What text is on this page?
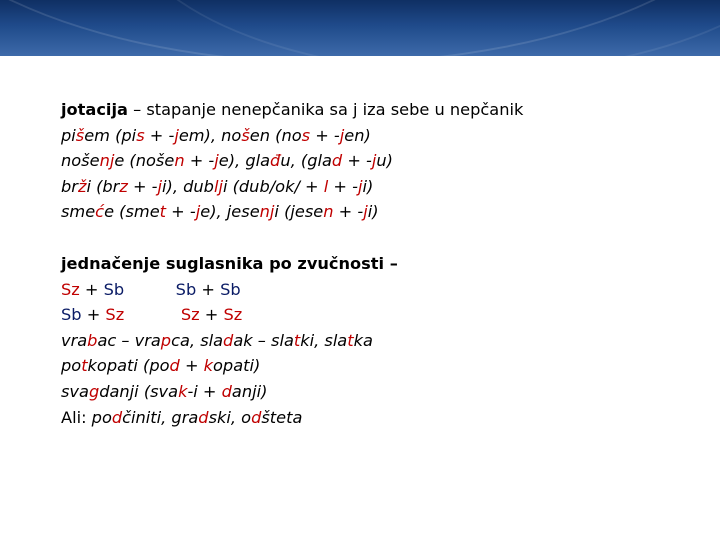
jotacija – stapanje nenepčanika sa j iza sebe u nepčanik
pišem (pis + -jem), nošen (nos + -jen)
nošenje (nošen + -je), glađu, (glad + -ju)
brži (brz + -ji), dublji (dub/ok/ + l + -ji)
smeće (smet + -je), jesenji (jesen + -ji)
jednačenje suglasnika po zvučnosti –
Sz + Sb	Sb + Sb
Sb + Sz	Sz + Sz
vrabac – vrapca, sladak – slatki, slatka
potkopati (pod + kopati)
svagdanji (svak-i + danji)
Ali: podčiniti, gradski, odšteta
